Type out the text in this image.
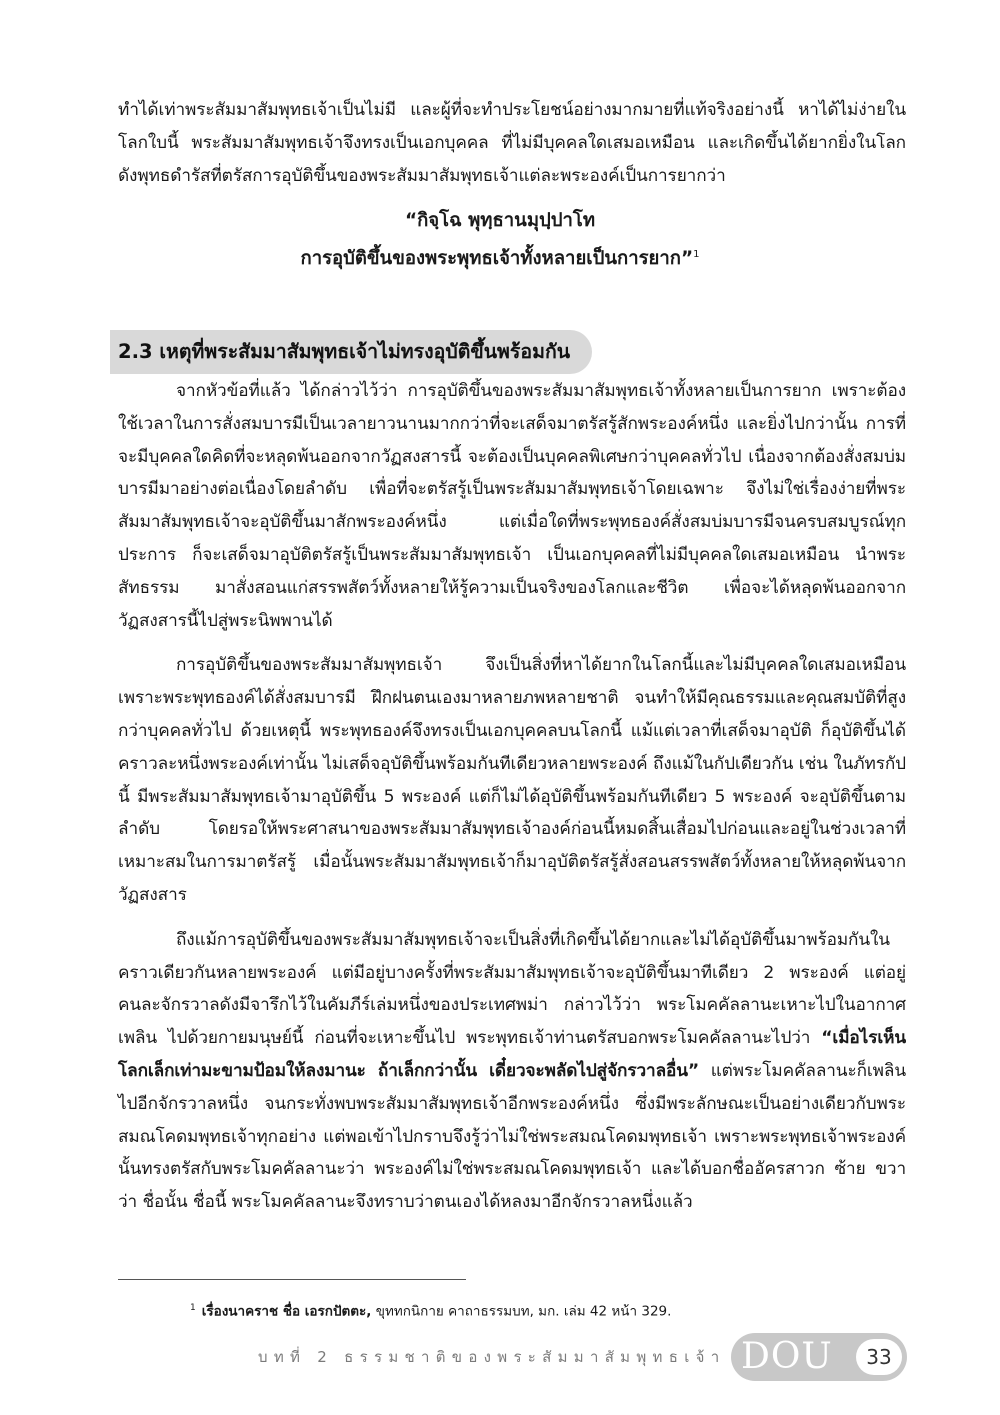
ทำได้เท่าพระสัมมาสัมพุทธเจ้าเป็นไม่มี และผู้ที่จะทำประโยชน์อย่างมากมายที่แท้จริงอย่างนี้ หาได้ไม่ง่ายในโลกใบนี้ พระสัมมาสัมพุทธเจ้าจึงทรงเป็นเอกบุคคล ที่ไม่มีบุคคลใดเสมอเหมือน และเกิดขึ้นได้ยากยิ่งในโลก ดังพุทธดำรัสที่ตรัสการอุบัติขึ้นของพระสัมมาสัมพุทธเจ้าแต่ละพระองค์เป็นการยากว่า

“กิจฺโฉ พุทฺธานมุปฺปาโท
การอุบัติขึ้นของพระพุทธเจ้าทั้งหลายเป็นการยาก”$^1$
2.3 เหตุที่พระสัมมาสัมพุทธเจ้าไม่ทรงอุบัติขึ้นพร้อมกัน

จากหัวข้อที่แล้ว ได้กล่าวไว้ว่า การอุบัติขึ้นของพระสัมมาสัมพุทธเจ้าทั้งหลายเป็นการยาก เพราะต้องใช้เวลาในการสั่งสมบารมีเป็นเวลายาวนานมากกว่าที่จะเสด็จมาตรัสรู้สักพระองค์หนึ่ง และยิ่งไปกว่านั้น การที่จะมีบุคคลใดคิดที่จะหลุดพ้นออกจากวัฏสงสารนี้ จะต้องเป็นบุคคลพิเศษกว่าบุคคลทั่วไป เนื่องจากต้องสั่งสมบ่มบารมีมาอย่างต่อเนื่องโดยลำดับ เพื่อที่จะตรัสรู้เป็นพระสัมมาสัมพุทธเจ้าโดยเฉพาะ จึงไม่ใช่เรื่องง่ายที่พระสัมมาสัมพุทธเจ้าจะอุบัติขึ้นมาสักพระองค์หนึ่ง แต่เมื่อใดที่พระพุทธองค์สั่งสมบ่มบารมีจนครบสมบูรณ์ทุกประการ ก็จะเสด็จมาอุบัติตรัสรู้เป็นพระสัมมาสัมพุทธเจ้า เป็นเอกบุคคลที่ไม่มีบุคคลใดเสมอเหมือน นำพระสัทธรรม มาสั่งสอนแก่สรรพสัตว์ทั้งหลายให้รู้ความเป็นจริงของโลกและชีวิต เพื่อจะได้หลุดพ้นออกจากวัฏสงสารนี้ไปสู่พระนิพพานได้

การอุบัติขึ้นของพระสัมมาสัมพุทธเจ้า จึงเป็นสิ่งที่หาได้ยากในโลกนี้และไม่มีบุคคลใดเสมอเหมือน เพราะพระพุทธองค์ได้สั่งสมบารมี ฝึกฝนตนเองมาหลายภพหลายชาติ จนทำให้มีคุณธรรมและคุณสมบัติที่สูงกว่าบุคคลทั่วไป ด้วยเหตุนี้ พระพุทธองค์จึงทรงเป็นเอกบุคคลบนโลกนี้ แม้แต่เวลาที่เสด็จมาอุบัติ ก็อุบัติขึ้นได้คราวละหนึ่งพระองค์เท่านั้น ไม่เสด็จอุบัติขึ้นพร้อมกันทีเดียวหลายพระองค์ ถึงแม้ในกัปเดียวกัน เช่น ในภัทรกัปนี้ มีพระสัมมาสัมพุทธเจ้ามาอุบัติขึ้น 5 พระองค์ แต่ก็ไม่ได้อุบัติขึ้นพร้อมกันทีเดียว 5 พระองค์ จะอุบัติขึ้นตามลำดับ โดยรอให้พระศาสนาของพระสัมมาสัมพุทธเจ้าองค์ก่อนนี้หมดสิ้นเสื่อมไปก่อนและอยู่ในช่วงเวลาที่เหมาะสมในการมาตรัสรู้ เมื่อนั้นพระสัมมาสัมพุทธเจ้าก็มาอุบัติตรัสรู้สั่งสอนสรรพสัตว์ทั้งหลายให้หลุดพ้นจากวัฏสงสาร

ถึงแม้การอุบัติขึ้นของพระสัมมาสัมพุทธเจ้าจะเป็นสิ่งที่เกิดขึ้นได้ยากและไม่ได้อุบัติขึ้นมาพร้อมกันในคราวเดียวกันหลายพระองค์ แต่มีอยู่บางครั้งที่พระสัมมาสัมพุทธเจ้าจะอุบัติขึ้นมาทีเดียว 2 พระองค์ แต่อยู่คนละจักรวาลดังมีจารึกไว้ในคัมภีร์เล่มหนึ่งของประเทศพม่า กล่าวไว้ว่า พระโมคคัลลานะเหาะไปในอากาศเพลิน ไปด้วยกายมนุษย์นี้ ก่อนที่จะเหาะขึ้นไป พระพุทธเจ้าท่านตรัสบอกพระโมคคัลลานะไปว่า “เมื่อไรเห็นโลกเล็กเท่ามะขามป้อมให้ลงมานะ ถ้าเล็กกว่านั้น เดี๋ยวจะพลัดไปสู่จักรวาลอื่น” แต่พระโมคคัลลานะก็เพลินไปอีกจักรวาลหนึ่ง จนกระทั่งพบพระสัมมาสัมพุทธเจ้าอีกพระองค์หนึ่ง ซึ่งมีพระลักษณะเป็นอย่างเดียวกับพระสมณโคดมพุทธเจ้าทุกอย่าง แต่พอเข้าไปกราบจึงรู้ว่าไม่ใช่พระสมณโคดมพุทธเจ้า เพราะพระพุทธเจ้าพระองค์นั้นทรงตรัสกับพระโมคคัลลานะว่า พระองค์ไม่ใช่พระสมณโคดมพุทธเจ้า และได้บอกชื่ออัครสาวก ซ้าย ขวา ว่า ชื่อนั้น ชื่อนี้ พระโมคคัลลานะจึงทราบว่าตนเองได้หลงมาอีกจักรวาลหนึ่งแล้ว

$^1$ เรื่องนาคราช ชื่อ เอรกปัตตะ, ขุททกนิกาย คาถาธรรมบท, มก. เล่ม 42 หน้า 329.
บทที่ 2 ธรรมชาติของพระสัมมาสัมพุทธเจ้า DOU	33
